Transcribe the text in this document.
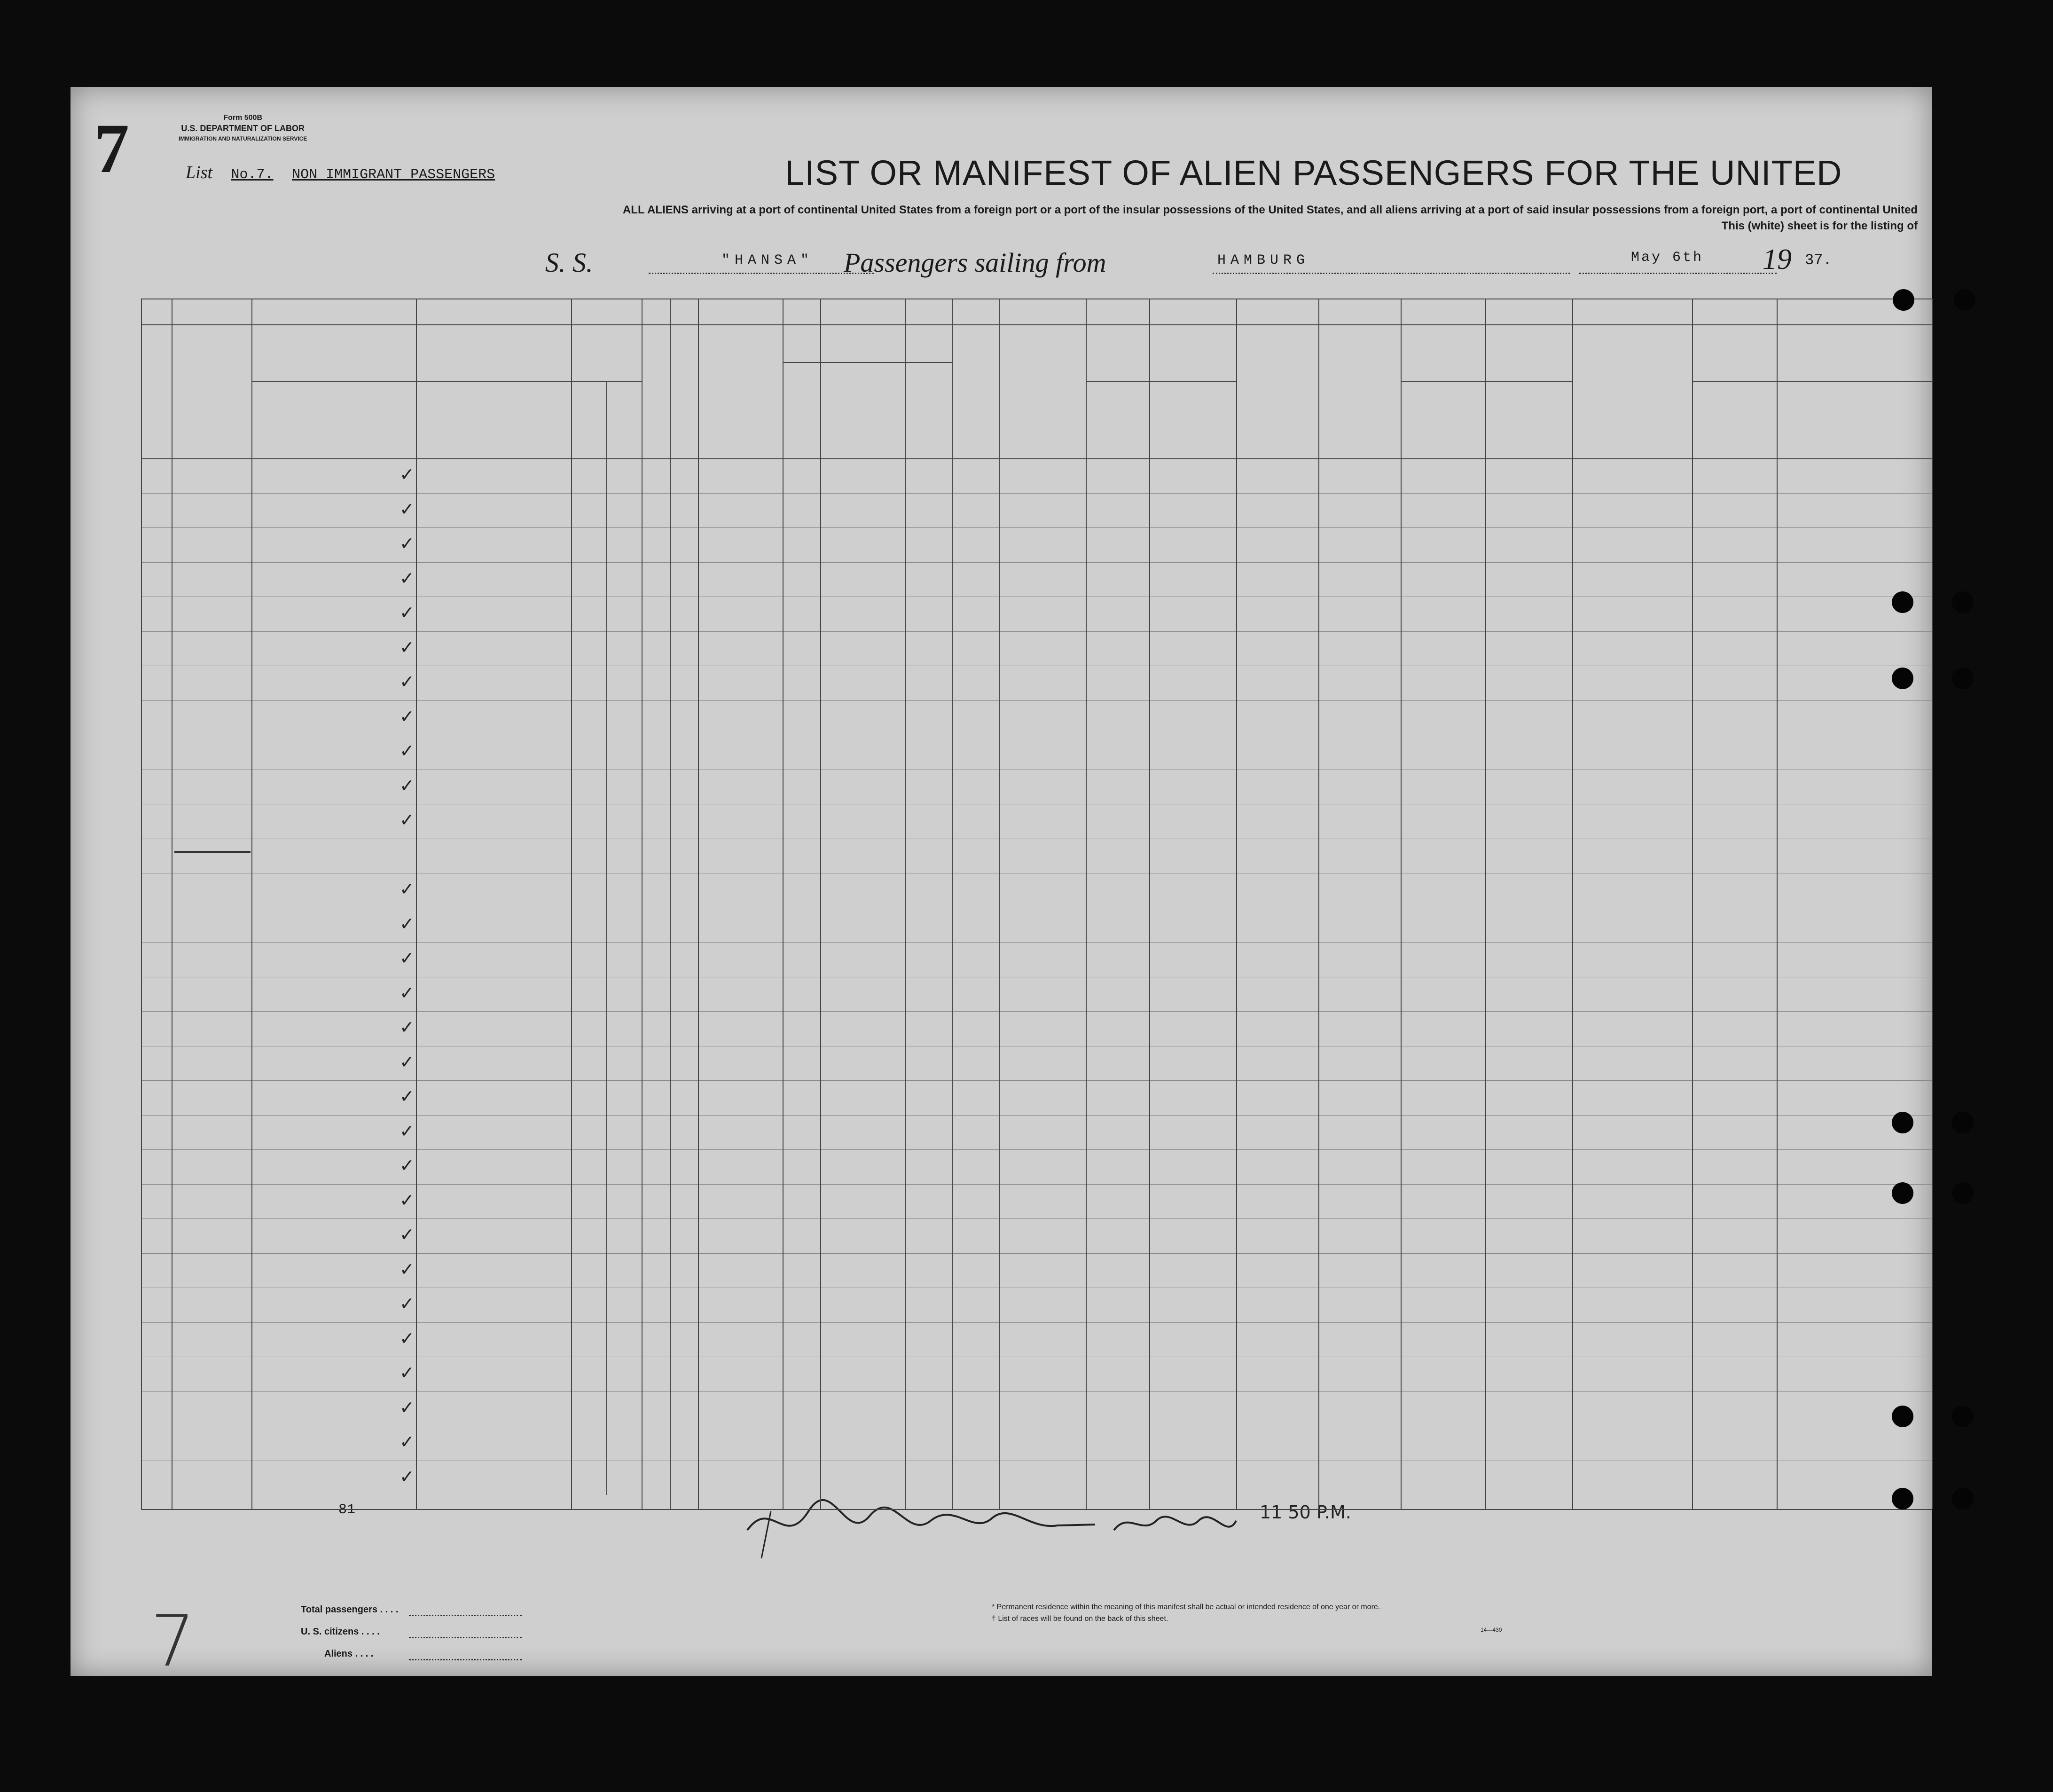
7	Form 500B
U.S. DEPARTMENT OF LABOR
IMMIGRATION AND NATURALIZATION SERVICE
List No.7. NON IMMIGRANT PASSENGERS	LIST OR MANIFEST OF ALIEN PASSENGERS FOR THE UNITED
ALL ALIENS arriving at a port of continental United States from a foreign port or a port of the insular possessions of the United States, and all aliens arriving at a port of said insular possessions from a foreign port, a port of continental United
This (white) sheet is for the listing of
S. S.	Passengers sailing from
"HANSA"	HAMBURG	May 6th 19 37.
81	11 50 P.M.
7	Total passengers . . . .
U. S. citizens . . . .
Aliens . . . .
* Permanent residence within the meaning of this manifest shall be actual or intended residence of one year or more.
† List of races will be found on the back of this sheet.
14—430
✓
✓
✓
✓
✓
✓
✓
✓
✓
✓
✓
✓
✓
✓
✓
✓
✓
✓
✓
✓
✓
✓
✓
✓
✓
✓
✓
✓
✓
